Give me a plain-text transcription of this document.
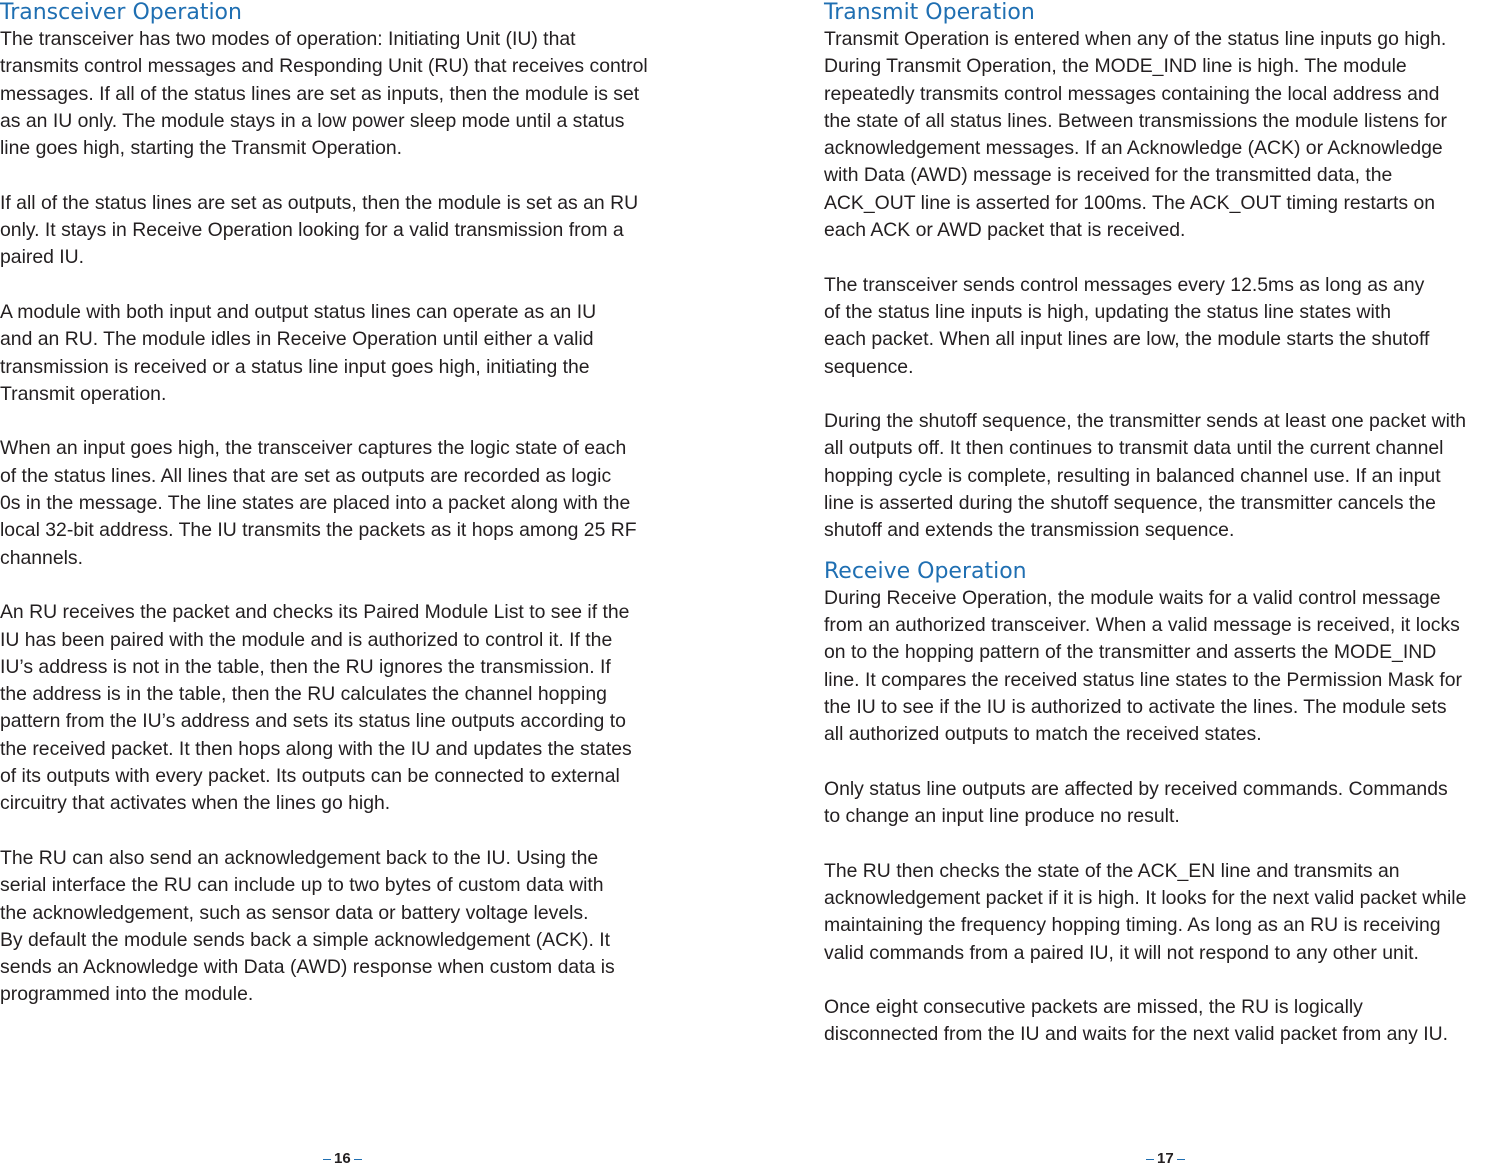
Transceiver Operation

The transceiver has two modes of operation: Initiating Unit (IU) that
transmits control messages and Responding Unit (RU) that receives control
messages. If all of the status lines are set as inputs, then the module is set
as an IU only. The module stays in a low power sleep mode until a status
line goes high, starting the Transmit Operation.

If all of the status lines are set as outputs, then the module is set as an RU
only. It stays in Receive Operation looking for a valid transmission from a
paired IU.

A module with both input and output status lines can operate as an IU
and an RU. The module idles in Receive Operation until either a valid
transmission is received or a status line input goes high, initiating the
Transmit operation.

When an input goes high, the transceiver captures the logic state of each
of the status lines. All lines that are set as outputs are recorded as logic
0s in the message. The line states are placed into a packet along with the
local 32-bit address. The IU transmits the packets as it hops among 25 RF
channels.

An RU receives the packet and checks its Paired Module List to see if the
IU has been paired with the module and is authorized to control it. If the
IU’s address is not in the table, then the RU ignores the transmission. If
the address is in the table, then the RU calculates the channel hopping
pattern from the IU’s address and sets its status line outputs according to
the received packet. It then hops along with the IU and updates the states
of its outputs with every packet. Its outputs can be connected to external
circuitry that activates when the lines go high.

The RU can also send an acknowledgement back to the IU. Using the
serial interface the RU can include up to two bytes of custom data with
the acknowledgement, such as sensor data or battery voltage levels.
By default the module sends back a simple acknowledgement (ACK). It
sends an Acknowledge with Data (AWD) response when custom data is
programmed into the module.

Transmit Operation

Transmit Operation is entered when any of the status line inputs go high.
During Transmit Operation, the MODE_IND line is high. The module
repeatedly transmits control messages containing the local address and
the state of all status lines. Between transmissions the module listens for
acknowledgement messages. If an Acknowledge (ACK) or Acknowledge
with Data (AWD) message is received for the transmitted data, the
ACK_OUT line is asserted for 100ms. The ACK_OUT timing restarts on
each ACK or AWD packet that is received.

The transceiver sends control messages every 12.5ms as long as any
of the status line inputs is high, updating the status line states with
each packet. When all input lines are low, the module starts the shutoff
sequence.

During the shutoff sequence, the transmitter sends at least one packet with
all outputs off. It then continues to transmit data until the current channel
hopping cycle is complete, resulting in balanced channel use. If an input
line is asserted during the shutoff sequence, the transmitter cancels the
shutoff and extends the transmission sequence.

Receive Operation

During Receive Operation, the module waits for a valid control message
from an authorized transceiver. When a valid message is received, it locks
on to the hopping pattern of the transmitter and asserts the MODE_IND
line. It compares the received status line states to the Permission Mask for
the IU to see if the IU is authorized to activate the lines. The module sets
all authorized outputs to match the received states.

Only status line outputs are affected by received commands. Commands
to change an input line produce no result.

The RU then checks the state of the ACK_EN line and transmits an
acknowledgement packet if it is high. It looks for the next valid packet while
maintaining the frequency hopping timing. As long as an RU is receiving
valid commands from a paired IU, it will not respond to any other unit.

Once eight consecutive packets are missed, the RU is logically
disconnected from the IU and waits for the next valid packet from any IU.

16	17
